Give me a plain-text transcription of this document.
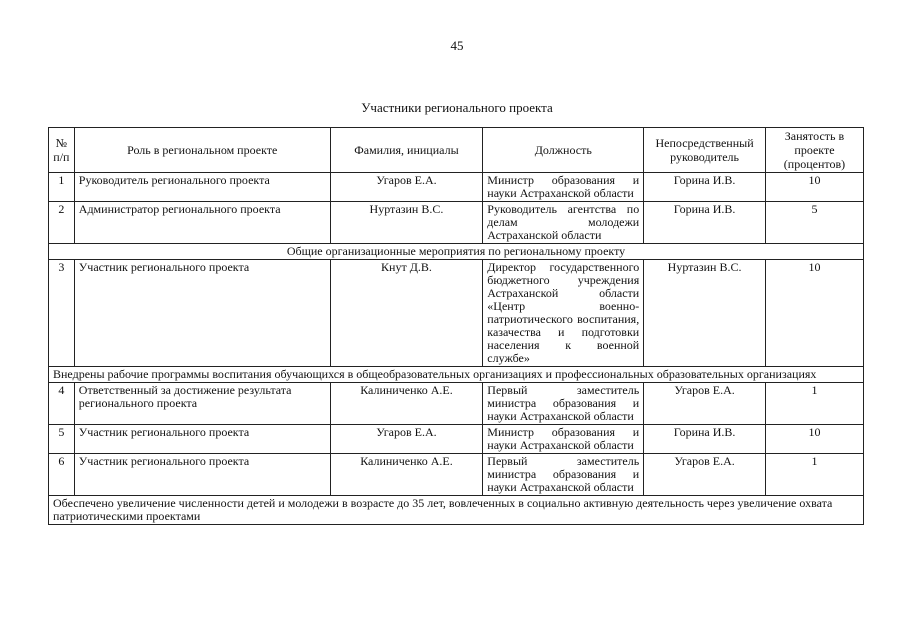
45
Участники регионального проекта
№ п/п	Роль в региональном проекте	Фамилия, инициалы	Должность	Непосредственный руководитель	Занятость в проекте (процентов)
1	Руководитель регионального проекта	Угаров Е.А.	Министр образования и науки Астраханской области	Горина И.В.	10
2	Администратор регионального проекта	Нуртазин В.С.	Руководитель агентства по делам молодежи Астраханской области	Горина И.В.	5
Общие организационные мероприятия по региональному проекту					
3	Участник регионального проекта	Кнут Д.В.	Директор государственного бюджетного учреждения Астраханской области «Центр военно-патриотического воспитания, казачества и подготовки населения к военной службе»	Нуртазин В.С.	10
Внедрены рабочие программы воспитания обучающихся в общеобразовательных организациях и профессиональных образовательных организациях					
4	Ответственный за достижение результата регионального проекта	Калиниченко А.Е.	Первый заместитель министра образования и науки Астраханской области	Угаров Е.А.	1
5	Участник регионального проекта	Угаров Е.А.	Министр образования и науки Астраханской области	Горина И.В.	10
6	Участник регионального проекта	Калиниченко А.Е.	Первый заместитель министра образования и науки Астраханской области	Угаров Е.А.	1
Обеспечено увеличение численности детей и молодежи в возрасте до 35 лет, вовлеченных в социально активную деятельность через увеличение охвата патриотическими проектами					
